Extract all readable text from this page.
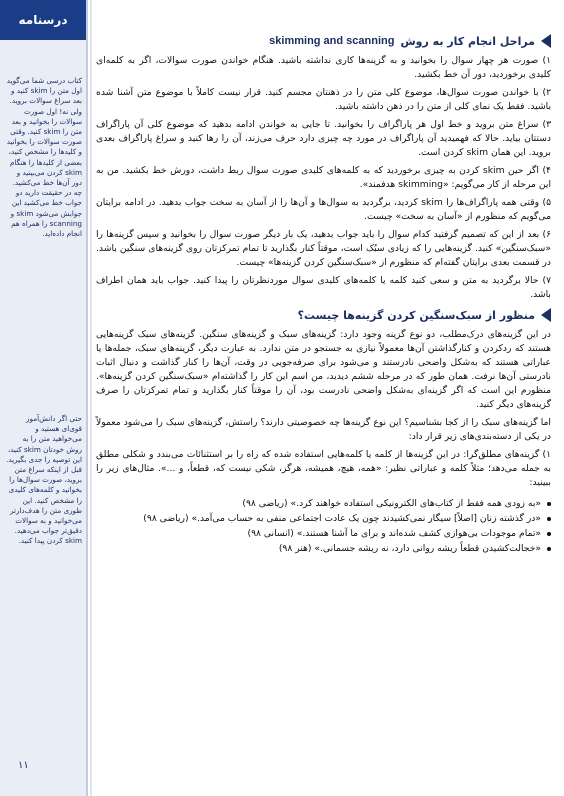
درسنامه
کتاب درسی شما می‌گوید اول متن را skim کنید و بعد سراغ سوالات بروید. ولی نه! اول صورت سوالات را بخوانید و بعد متن را skim کنید. وقتی صورت سوالات را بخوانید و کلیدها را مشخص کنید، بعضی از کلیدها را هنگام skim کردن می‌بینید و دور آن‌ها خط می‌کشید. چه در حقیقت دارید دو جواب خط می‌کشید این جوابش می‌شود skim و scanning را همراه هم انجام داده‌اید.
حتی اگر دانش‌آموز قوی‌ای هستید و می‌خواهید متن را به روش خودتان skim کنید، این توصیه را جدی بگیرید. قبل از اینکه سراغ متن بروید، صورت سوال‌ها را بخوانید و کلمه‌های کلیدی را مشخص کنید. این طوری متن را هدف‌دارتر می‌خوانید و به سوالات دقیق‌تر جواب می‌دهید. skim کردن پیدا کنید.
۱۱
مراحل انجام کار به روش
skimming and scanning

۱) صورت هر چهار سوال را بخوانید و به گزینه‌ها کاری نداشته باشید. هنگام خواندن صورت سوالات، اگر به کلمه‌ای کلیدی برخوردید، دور آن خط بکشید.

۲) با خواندن صورت سوال‌ها، موضوع کلی متن را در ذهنتان مجسم کنید. قرار نیست کاملاً با موضوع متن آشنا شده باشید. فقط یک نمای کلی از متن را در ذهن داشته باشید.

۳) سراغ متن بروید و خط اول هر پاراگراف را بخوانید. تا جایی به خواندن ادامه بدهید که موضوع کلی آن پاراگراف دستتان بیاید. حالا که فهمیدید آن پاراگراف در مورد چه چیزی دارد حرف می‌زند، آن را رها کنید و سراغ پاراگراف بعدی بروید. این همان skim کردن است.

۴) اگر حین skim کردن به چیزی برخوردید که به کلمه‌های کلیدی صورت سوال ربط داشت، دورش خط بکشید. من به این مرحله از کار می‌گویم: «skimming هدفمند».

۵) وقتی همه پاراگراف‌ها را skim کردید، برگردید به سوال‌ها و آن‌ها را از آسان به سخت جواب بدهید. در ادامه برایتان می‌گویم که منظورم از «آسان به سخت» چیست.

۶) بعد از این که تصمیم گرفتید کدام سوال را باید جواب بدهید، یک بار دیگر صورت سوال را بخوانید و سپس گزینه‌ها را «سبک‌سنگین» کنید. گزینه‌هایی را که زیادی سبُک است، موقتاً کنار بگذارید تا تمام تمرکزتان روی گزینه‌های سنگین باشد. در قسمت بعدی برایتان گفته‌ام که منظورم از «سبک‌سنگین کردن گزینه‌ها» چیست.

۷) حالا برگردید به متن و سعی کنید کلمه یا کلمه‌های کلیدی سوال موردنظرتان را پیدا کنید. جواب باید همان اطراف باشد.

منظور از سبک‌سنگین کردن گزینه‌ها چیست؟

در این گزینه‌های درک‌مطلب، دو نوع گزینه وجود دارد: گزینه‌های سبک و گزینه‌های سنگین. گزینه‌های سبک گزینه‌هایی هستند که ردکردن و کنارگذاشتن آن‌ها معمولاً نیازی به جستجو در متن ندارد. به عبارت دیگر، گزینه‌های سبک، جمله‌ها یا عباراتی هستند که به‌شکل واضحی نادرستند و می‌شود برای صرفه‌جویی در وقت، آن‌ها را کنار گذاشت و دنبال اثبات نادرستی آن‌ها نرفت. همان طور که در مرحله ششم دیدید، من اسم این کار را گذاشته‌ام «سبک‌سنگین کردن گزینه‌ها». منظورم این است که اگر گزینه‌ای به‌شکل واضحی نادرست بود، آن را موقتاً کنار بگذارید و تمام تمرکزتان را صرف گزینه‌های دیگر کنید.

اما گزینه‌های سبک را از کجا بشناسیم؟ این نوع گزینه‌ها چه خصوصیتی دارند؟ راستش، گزینه‌های سبک را می‌شود معمولاً در یکی از دسته‌بندی‌های زیر قرار داد:

۱) گزینه‌های مطلق‌گرا: در این گزینه‌ها از کلمه یا کلمه‌هایی استفاده شده که راه را بر استثنائات می‌بندد و شکلی مطلق به جمله می‌دهد؛ مثلاً کلمه و عباراتی نظیر: «همه، هیچ، همیشه، هرگز، شکی نیست که، قطعاً، و ...». مثال‌های زیر را ببینید:

«به زودی همه فقط از کتاب‌های الکترونیکی استفاده خواهند کرد.» (ریاضی ۹۸)
«در گذشته زنان [اصلاً] سیگار نمی‌کشیدند چون یک عادت اجتماعی منفی به حساب می‌آمد.» (ریاضی ۹۸)
«تمام موجودات بی‌هوازی کشف شده‌اند و برای ما آشنا هستند.» (انسانی ۹۸)
«خجالت‌کشیدن قطعاً ریشه روانی دارد، نه ریشه جسمانی.» (هنر ۹۸)
